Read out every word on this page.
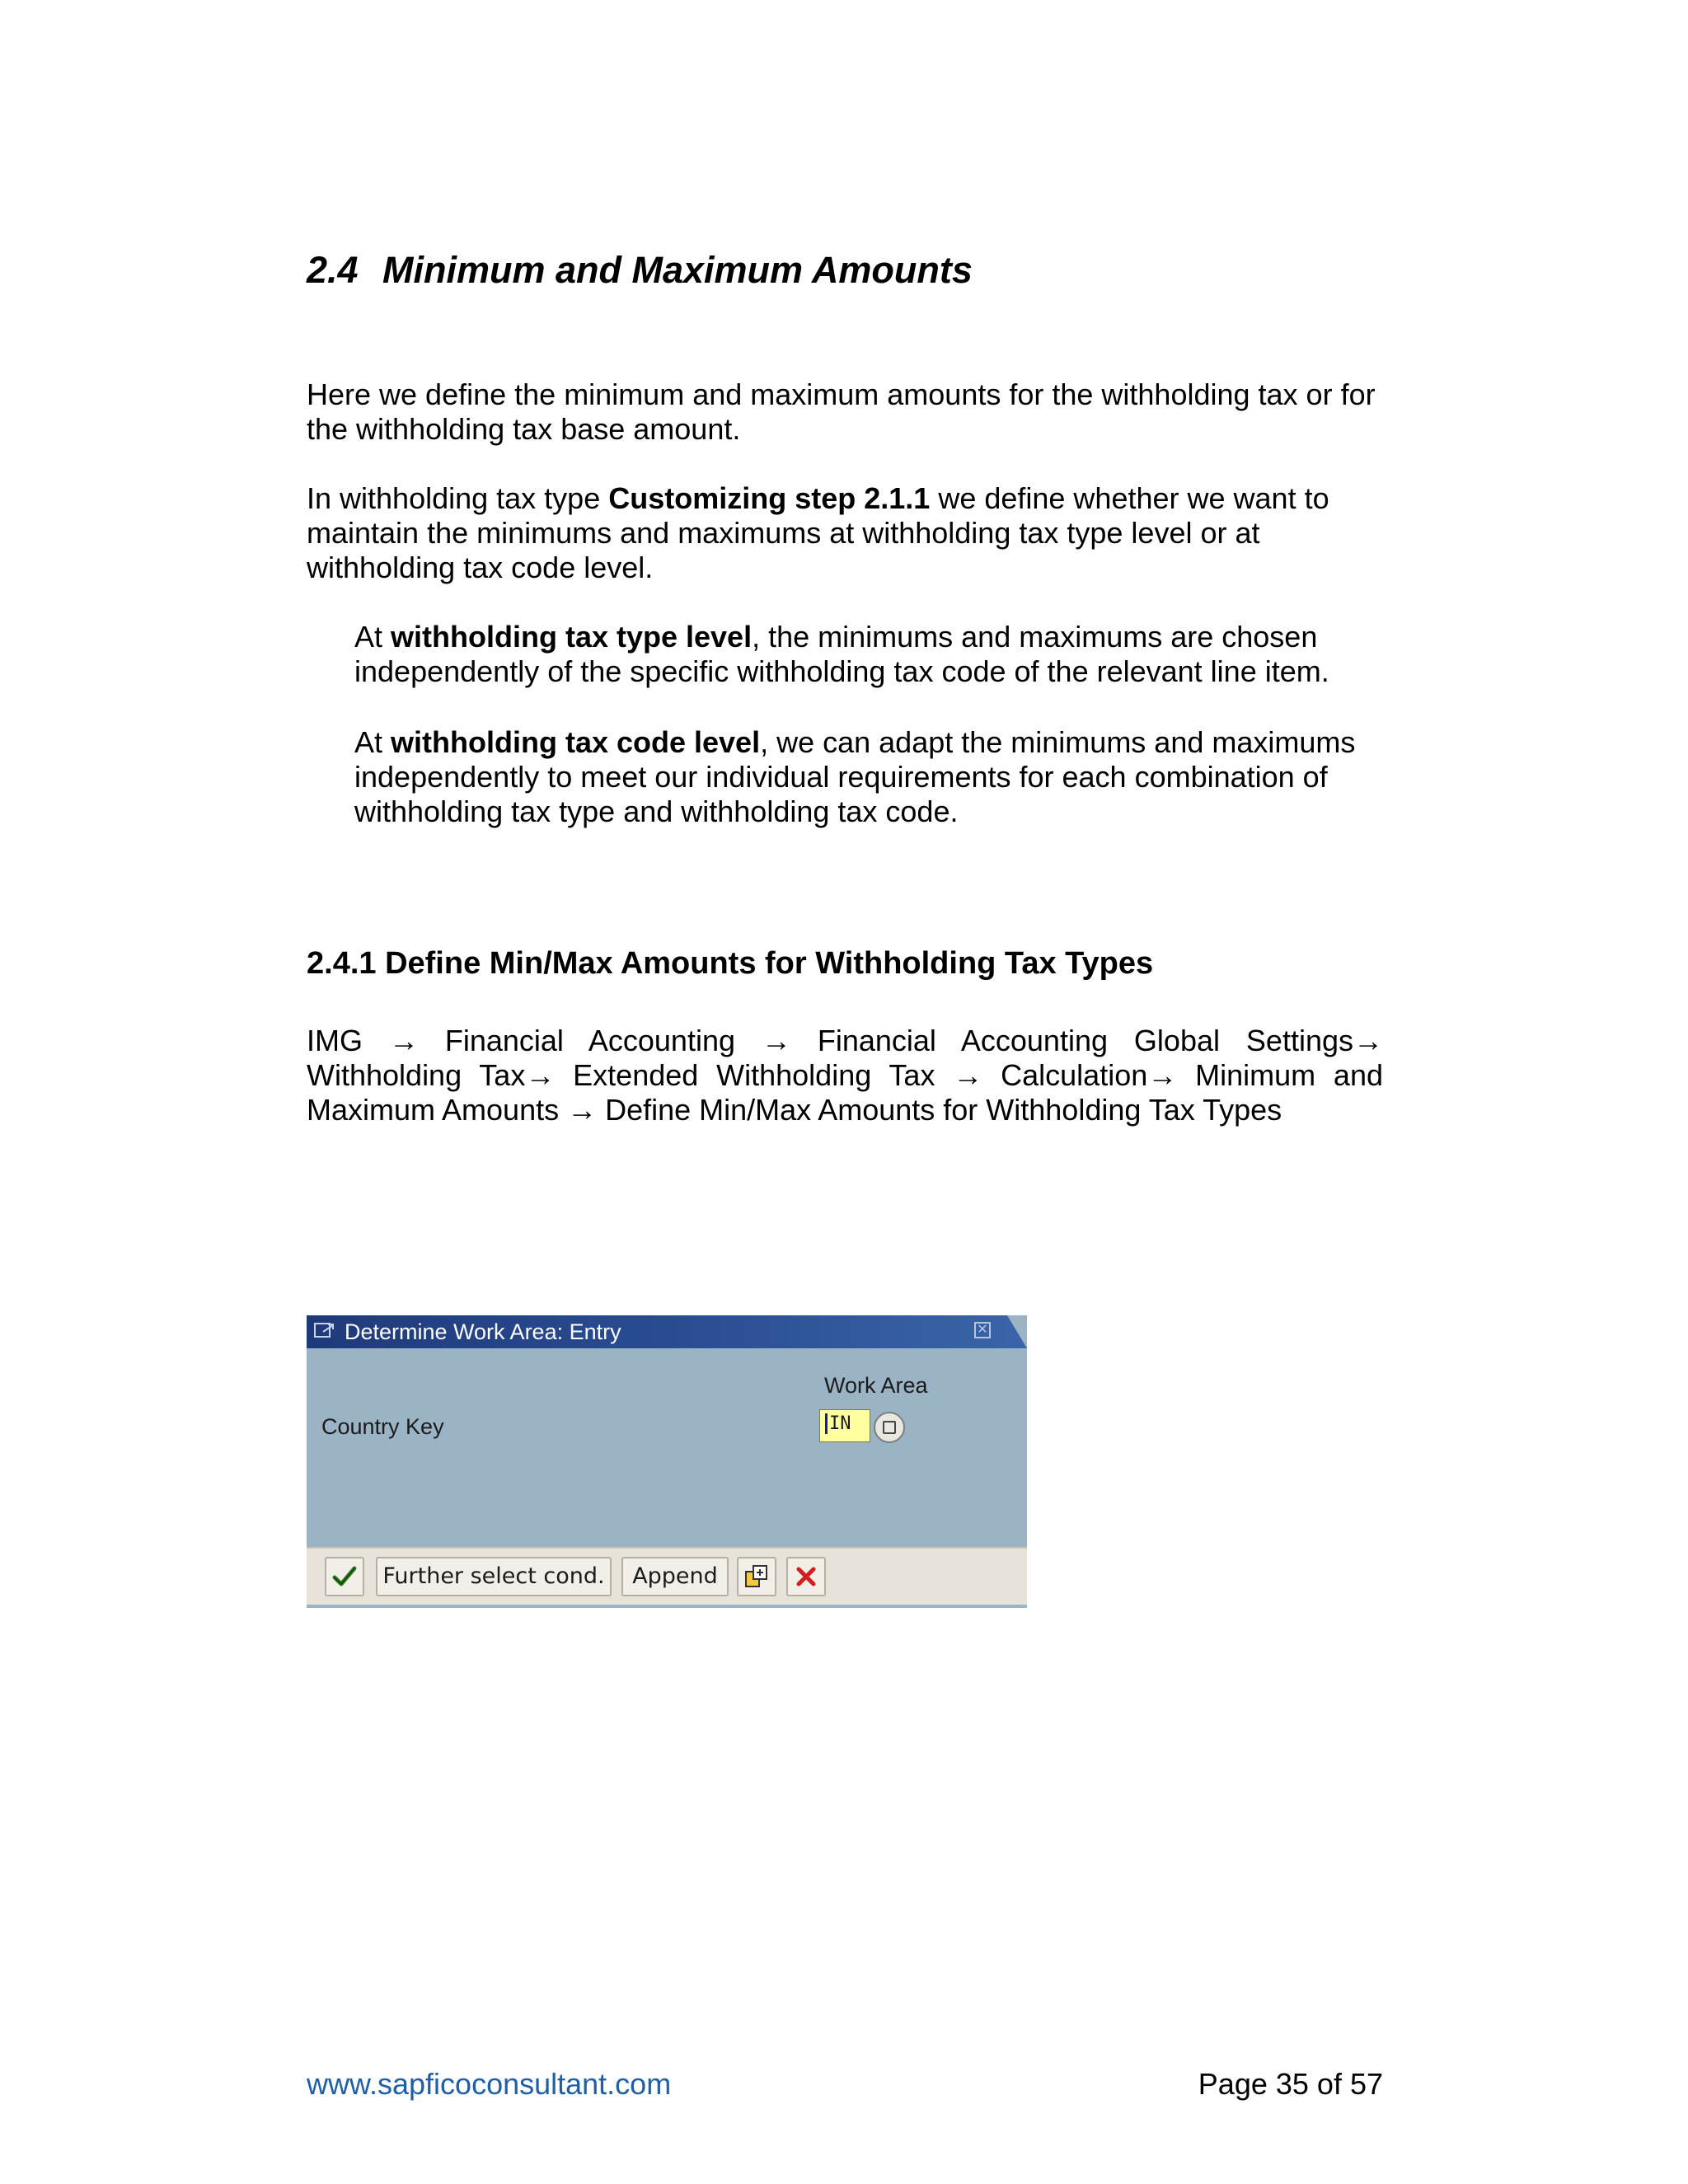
2.4 Minimum and Maximum Amounts

Here we define the minimum and maximum amounts for the withholding tax or for the withholding tax base amount.

In withholding tax type Customizing step 2.1.1 we define whether we want to maintain the minimums and maximums at withholding tax type level or at withholding tax code level.

At withholding tax type level, the minimums and maximums are chosen independently of the specific withholding tax code of the relevant line item.

At withholding tax code level, we can adapt the minimums and maximums independently to meet our individual requirements for each combination of withholding tax type and withholding tax code.

2.4.1 Define Min/Max Amounts for Withholding Tax Types

IMG → Financial Accounting → Financial Accounting Global Settings→ Withholding Tax→ Extended Withholding Tax → Calculation→ Minimum and Maximum Amounts → Define Min/Max Amounts for Withholding Tax Types

Determine Work Area: Entry	✕
Work Area
Country Key	IN
Further select cond.	Append
www.sapficoconsultant.com	Page 35 of 57
